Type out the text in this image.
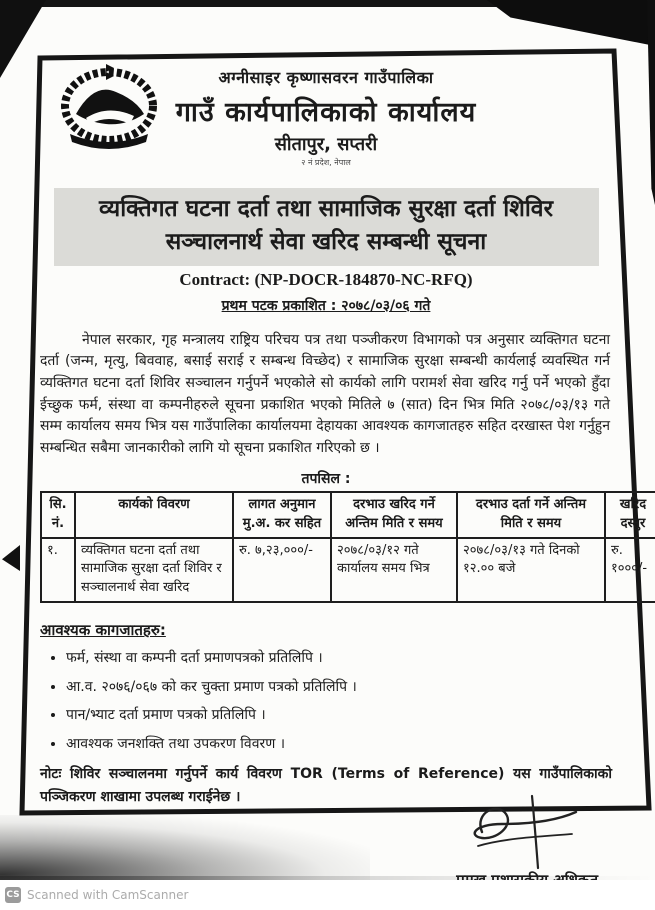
अग्नीसाइर कृष्णासवरन गाउँपालिका
गाउँ कार्यपालिकाको कार्यालय
सीतापुर, सप्तरी
२ नं प्रदेश, नेपाल
व्यक्तिगत घटना दर्ता तथा सामाजिक सुरक्षा दर्ता शिविर
सञ्चालनार्थ सेवा खरिद सम्बन्धी सूचना
Contract: (NP-DOCR-184870-NC-RFQ)
प्रथम पटक प्रकाशित : २०७८/०३/०६ गते
नेपाल सरकार, गृह मन्त्रालय राष्ट्रिय परिचय पत्र तथा पञ्जीकरण विभागको पत्र अनुसार व्यक्तिगत घटना दर्ता (जन्म, मृत्यु, बिववाह, बसाई सराई र सम्बन्ध विच्छेद) र सामाजिक सुरक्षा सम्बन्धी कार्यलाई व्यवस्थित गर्न व्यक्तिगत घटना दर्ता शिविर सञ्चालन गर्नुपर्ने भएकोले सो कार्यको लागि परामर्श सेवा खरिद गर्नु पर्ने भएको हुँदा ईच्छुक फर्म, संस्था वा कम्पनीहरुले सूचना प्रकाशित भएको मितिले ७ (सात) दिन भित्र मिति २०७८/०३/१३ गते सम्म कार्यालय समय भित्र यस गाउँपालिका कार्यालयमा देहायका आवश्यक कागजातहरु सहित दरखास्त पेश गर्नुहुन सम्बन्धित सबैमा जानकारीको लागि यो सूचना प्रकाशित गरिएको छ ।
तपसिल :
सि. नं.	कार्यको विवरण	लागत अनुमान मु.अ. कर सहित	दरभाउ खरिद गर्ने अन्तिम मिति र समय	दरभाउ दर्ता गर्ने अन्तिम मिति र समय	खरिद दस्तुर
१.	व्यक्तिगत घटना दर्ता तथा सामाजिक सुरक्षा दर्ता शिविर र सञ्चालनार्थ सेवा खरिद	रु. ७,२३,०००/-	२०७८/०३/१२ गते कार्यालय समय भित्र	२०७८/०३/१३ गते दिनको १२.०० बजे	रु. १०००/-
आवश्यक कागजातहरु:
• फर्म, संस्था वा कम्पनी दर्ता प्रमाणपत्रको प्रतिलिपि ।
• आ.व. २०७६/०६७ को कर चुक्ता प्रमाण पत्रको प्रतिलिपि ।
• पान/भ्याट दर्ता प्रमाण पत्रको प्रतिलिपि ।
• आवश्यक जनशक्ति तथा उपकरण विवरण ।
नोटः शिविर सञ्चालनमा गर्नुपर्ने कार्य विवरण TOR (Terms of Reference) यस गाउँपालिकाको पञ्जिकरण शाखामा उपलब्ध गराईनेछ ।
CS Scanned with CamScanner
